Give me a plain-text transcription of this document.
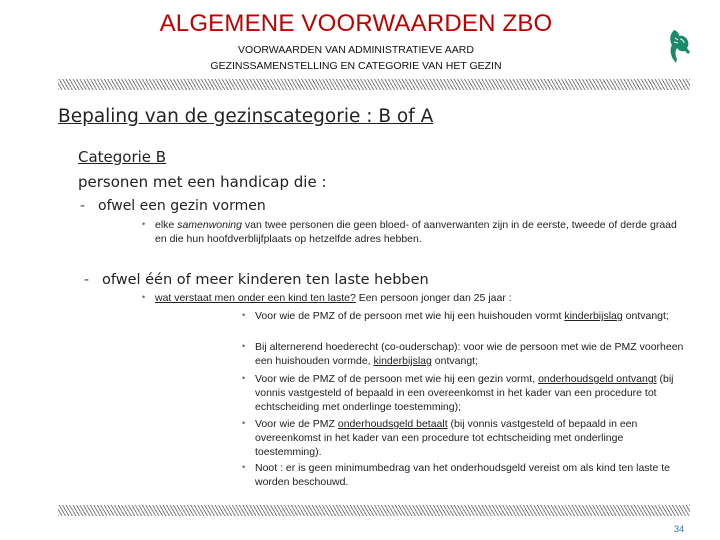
ALGEMENE VOORWAARDEN ZBO
VOORWAARDEN VAN ADMINISTRATIEVE AARD
GEZINSSAMENSTELLING EN CATEGORIE VAN HET GEZIN
Bepaling van de gezinscategorie : B of A
Categorie B
personen met een handicap die :
- ofwel een gezin vormen
• elke samenwoning van twee personen die geen bloed- of aanverwanten zijn in de eerste, tweede of derde graad en die hun hoofdverblijfplaats op hetzelfde adres hebben.
- ofwel één of meer kinderen ten laste hebben
• wat verstaat men onder een kind ten laste? Een persoon jonger dan 25 jaar :
• Voor wie de PMZ of de persoon met wie hij een huishouden vormt kinderbijslag ontvangt;
• Bij alternerend hoederecht (co-ouderschap): voor wie de persoon met wie de PMZ voorheen een huishouden vormde, kinderbijslag ontvangt;
• Voor wie de PMZ of de persoon met wie hij een gezin vormt, onderhoudsgeld ontvangt (bij vonnis vastgesteld of bepaald in een overeenkomst in het kader van een procedure tot echtscheiding met onderlinge toestemming);
• Voor wie de PMZ onderhoudsgeld betaalt (bij vonnis vastgesteld of bepaald in een overeenkomst in het kader van een procedure tot echtscheiding met onderlinge toestemming).
• Noot : er is geen minimumbedrag van het onderhoudsgeld vereist om als kind ten laste te worden beschouwd.
34
